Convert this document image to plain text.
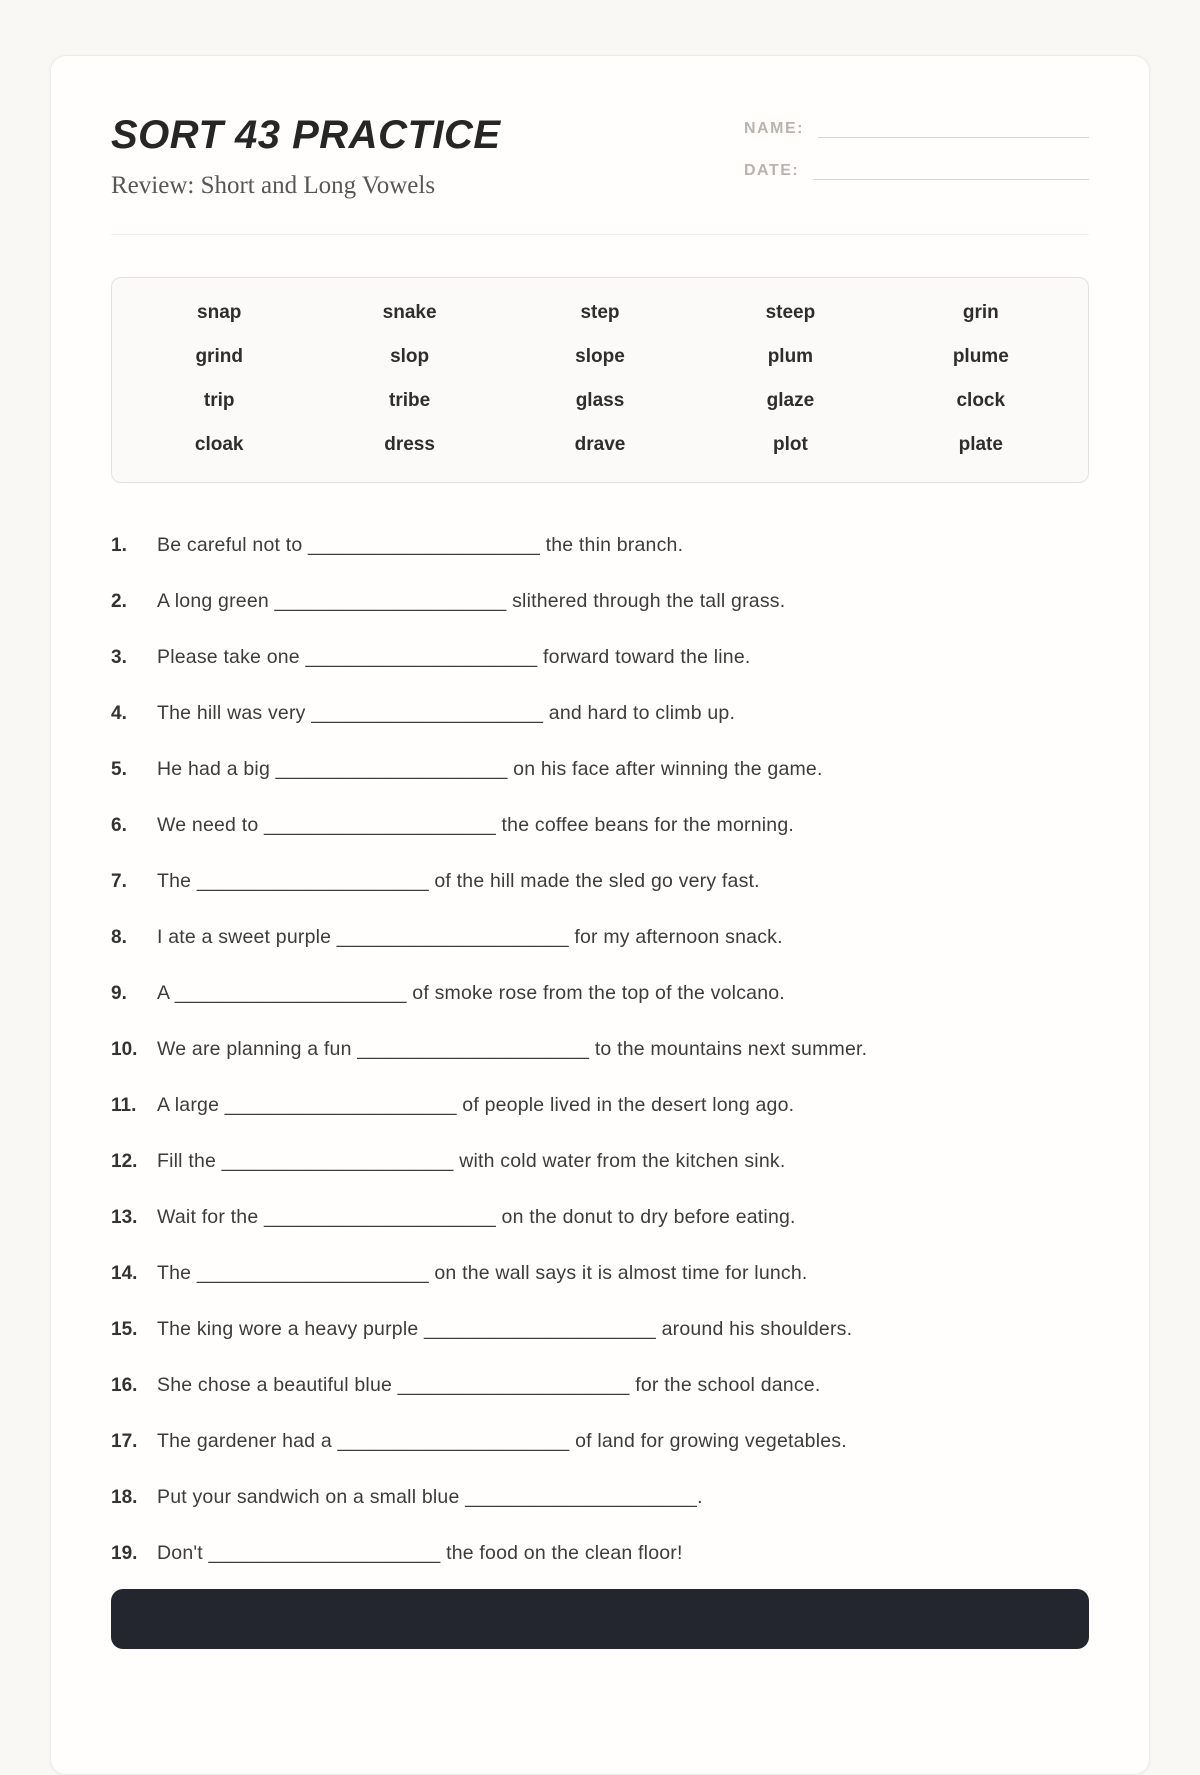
SORT 43 PRACTICE
Review: Short and Long Vowels
NAME:
DATE:
snap	snake	step	steep	grin
grind	slop	slope	plum	plume
trip	tribe	glass	glaze	clock
cloak	dress	drave	plot	plate
1.	Be careful not to _____________________ the thin branch.
2.	A long green _____________________ slithered through the tall grass.
3.	Please take one _____________________ forward toward the line.
4.	The hill was very _____________________ and hard to climb up.
5.	He had a big _____________________ on his face after winning the game.
6.	We need to _____________________ the coffee beans for the morning.
7.	The _____________________ of the hill made the sled go very fast.
8.	I ate a sweet purple _____________________ for my afternoon snack.
9.	A _____________________ of smoke rose from the top of the volcano.
10.	We are planning a fun _____________________ to the mountains next summer.
11.	A large _____________________ of people lived in the desert long ago.
12.	Fill the _____________________ with cold water from the kitchen sink.
13.	Wait for the _____________________ on the donut to dry before eating.
14.	The _____________________ on the wall says it is almost time for lunch.
15.	The king wore a heavy purple _____________________ around his shoulders.
16.	She chose a beautiful blue _____________________ for the school dance.
17.	The gardener had a _____________________ of land for growing vegetables.
18.	Put your sandwich on a small blue _____________________.
19.	Don't _____________________ the food on the clean floor!
